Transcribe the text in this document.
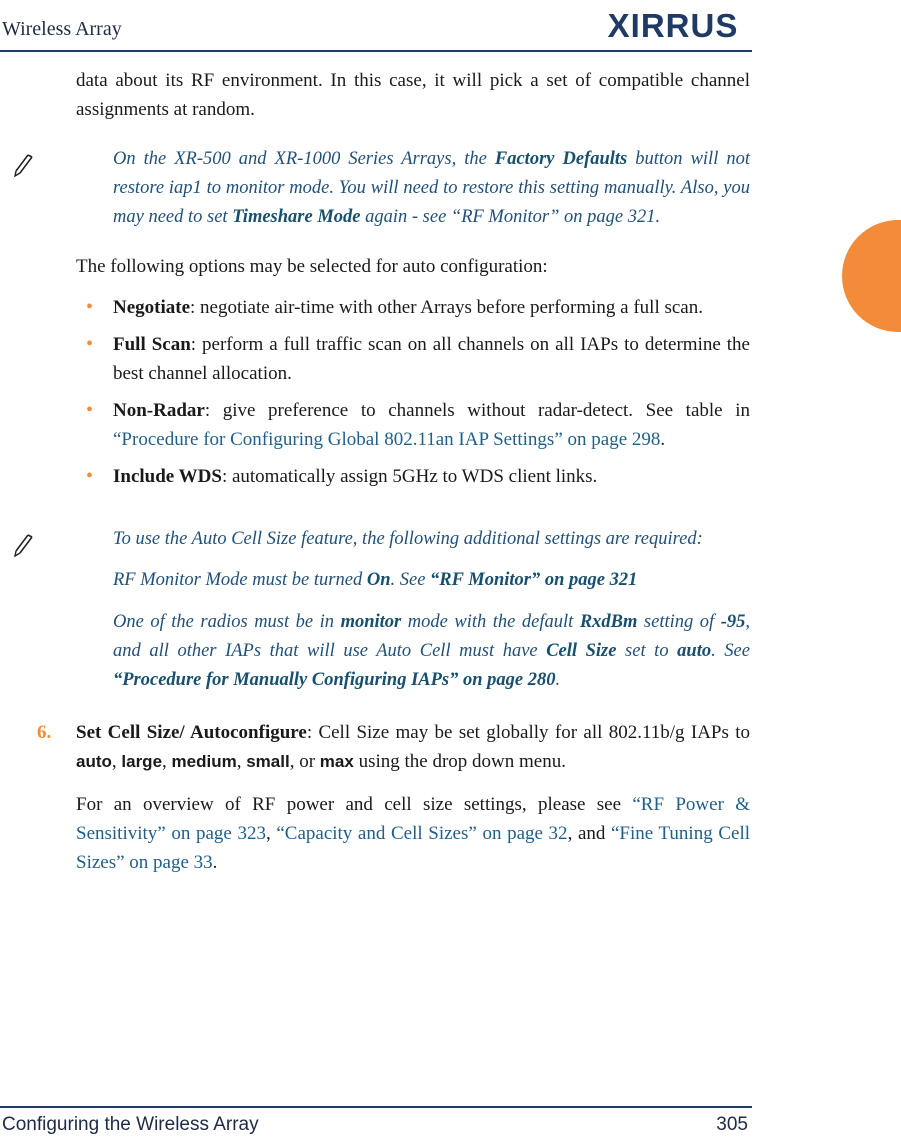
Wireless Array	XIRRUS

data about its RF environment. In this case, it will pick a set of compatible channel assignments at random.

On the XR-500 and XR-1000 Series Arrays, the Factory Defaults button will not restore iap1 to monitor mode. You will need to restore this setting manually. Also, you may need to set Timeshare Mode again - see “RF Monitor” on page 321.

The following options may be selected for auto configuration:

• Negotiate: negotiate air-time with other Arrays before performing a full scan.
• Full Scan: perform a full traffic scan on all channels on all IAPs to determine the best channel allocation.
• Non-Radar: give preference to channels without radar-detect. See table in “Procedure for Configuring Global 802.11an IAP Settings” on page 298.
• Include WDS: automatically assign 5GHz to WDS client links.

To use the Auto Cell Size feature, the following additional settings are required:

RF Monitor Mode must be turned On. See “RF Monitor” on page 321

One of the radios must be in monitor mode with the default RxdBm setting of -95, and all other IAPs that will use Auto Cell must have Cell Size set to auto. See “Procedure for Manually Configuring IAPs” on page 280.

6. Set Cell Size/ Autoconfigure: Cell Size may be set globally for all 802.11b/g IAPs to auto, large, medium, small, or max using the drop down menu.

For an overview of RF power and cell size settings, please see “RF Power & Sensitivity” on page 323, “Capacity and Cell Sizes” on page 32, and “Fine Tuning Cell Sizes” on page 33.

Configuring the Wireless Array	305
